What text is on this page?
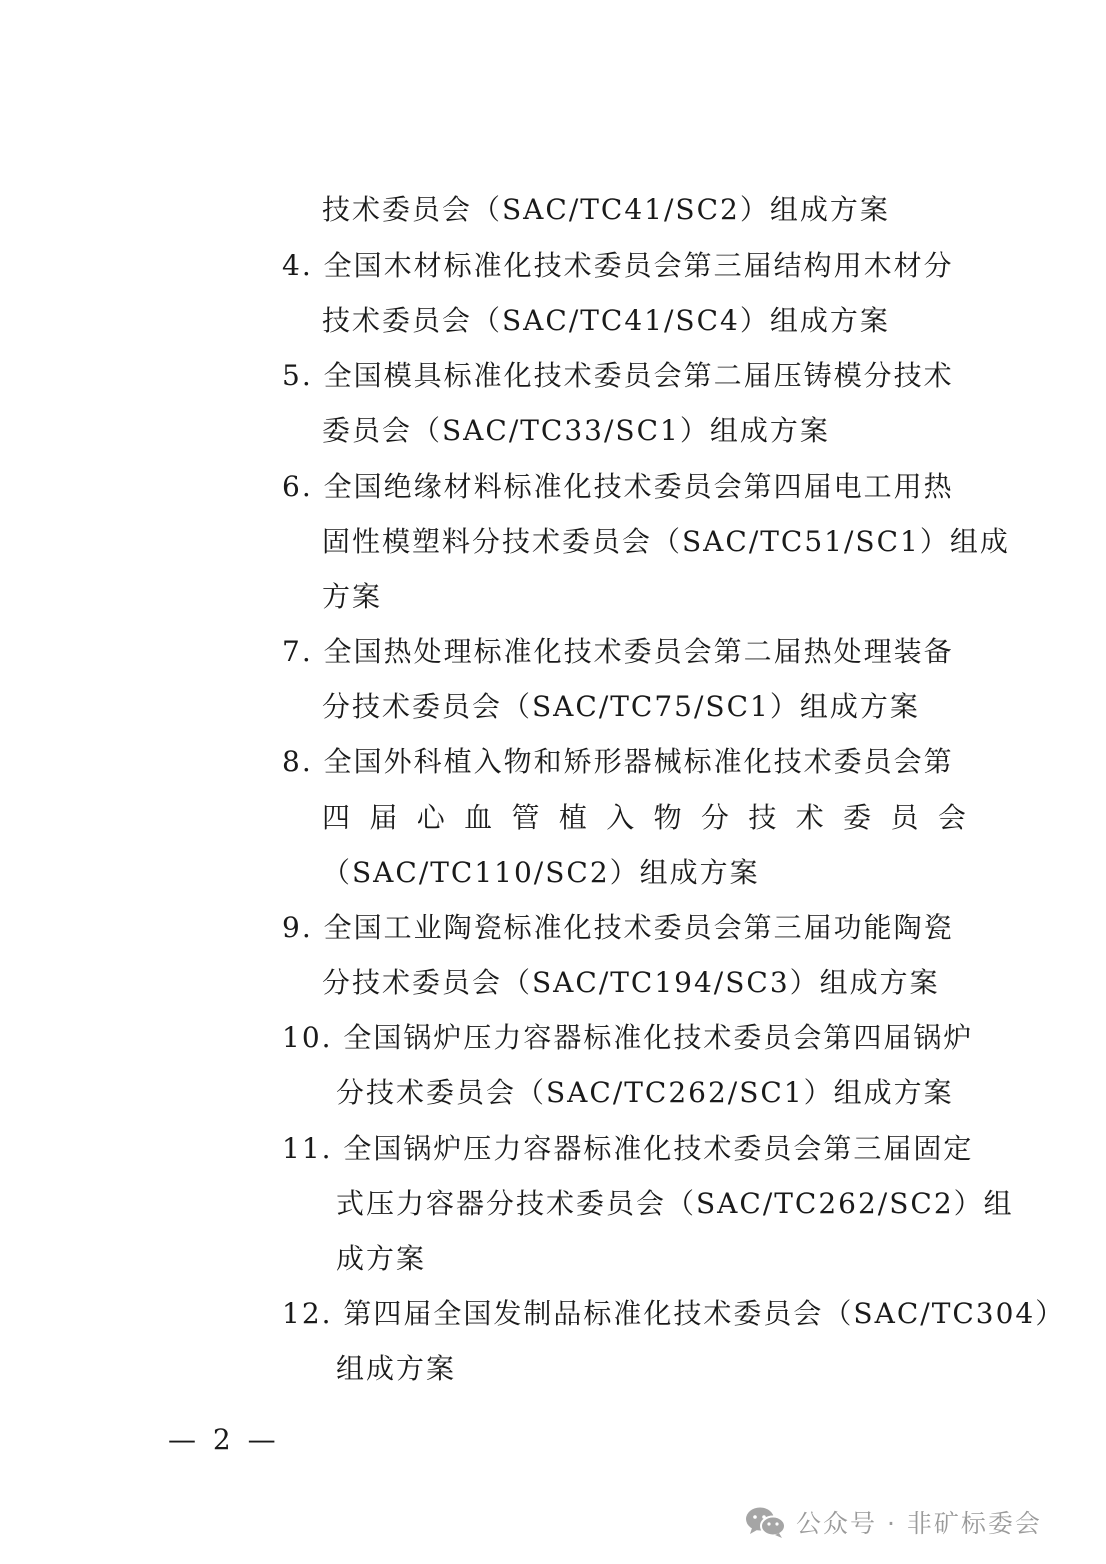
技术委员会（SAC/TC41/SC2）组成方案
4. 全国木材标准化技术委员会第三届结构用木材分
技术委员会（SAC/TC41/SC4）组成方案
5. 全国模具标准化技术委员会第二届压铸模分技术
委员会（SAC/TC33/SC1）组成方案
6. 全国绝缘材料标准化技术委员会第四届电工用热
固性模塑料分技术委员会（SAC/TC51/SC1）组成
方案
7. 全国热处理标准化技术委员会第二届热处理装备
分技术委员会（SAC/TC75/SC1）组成方案
8. 全国外科植入物和矫形器械标准化技术委员会第
四 届 心 血 管 植 入 物 分 技 术 委 员 会
（SAC/TC110/SC2）组成方案
9. 全国工业陶瓷标准化技术委员会第三届功能陶瓷
分技术委员会（SAC/TC194/SC3）组成方案
10. 全国锅炉压力容器标准化技术委员会第四届锅炉
分技术委员会（SAC/TC262/SC1）组成方案
11. 全国锅炉压力容器标准化技术委员会第三届固定
式压力容器分技术委员会（SAC/TC262/SC2）组
成方案
12. 第四届全国发制品标准化技术委员会（SAC/TC304）
组成方案
— 2 —
公众号 · 非矿标委会
